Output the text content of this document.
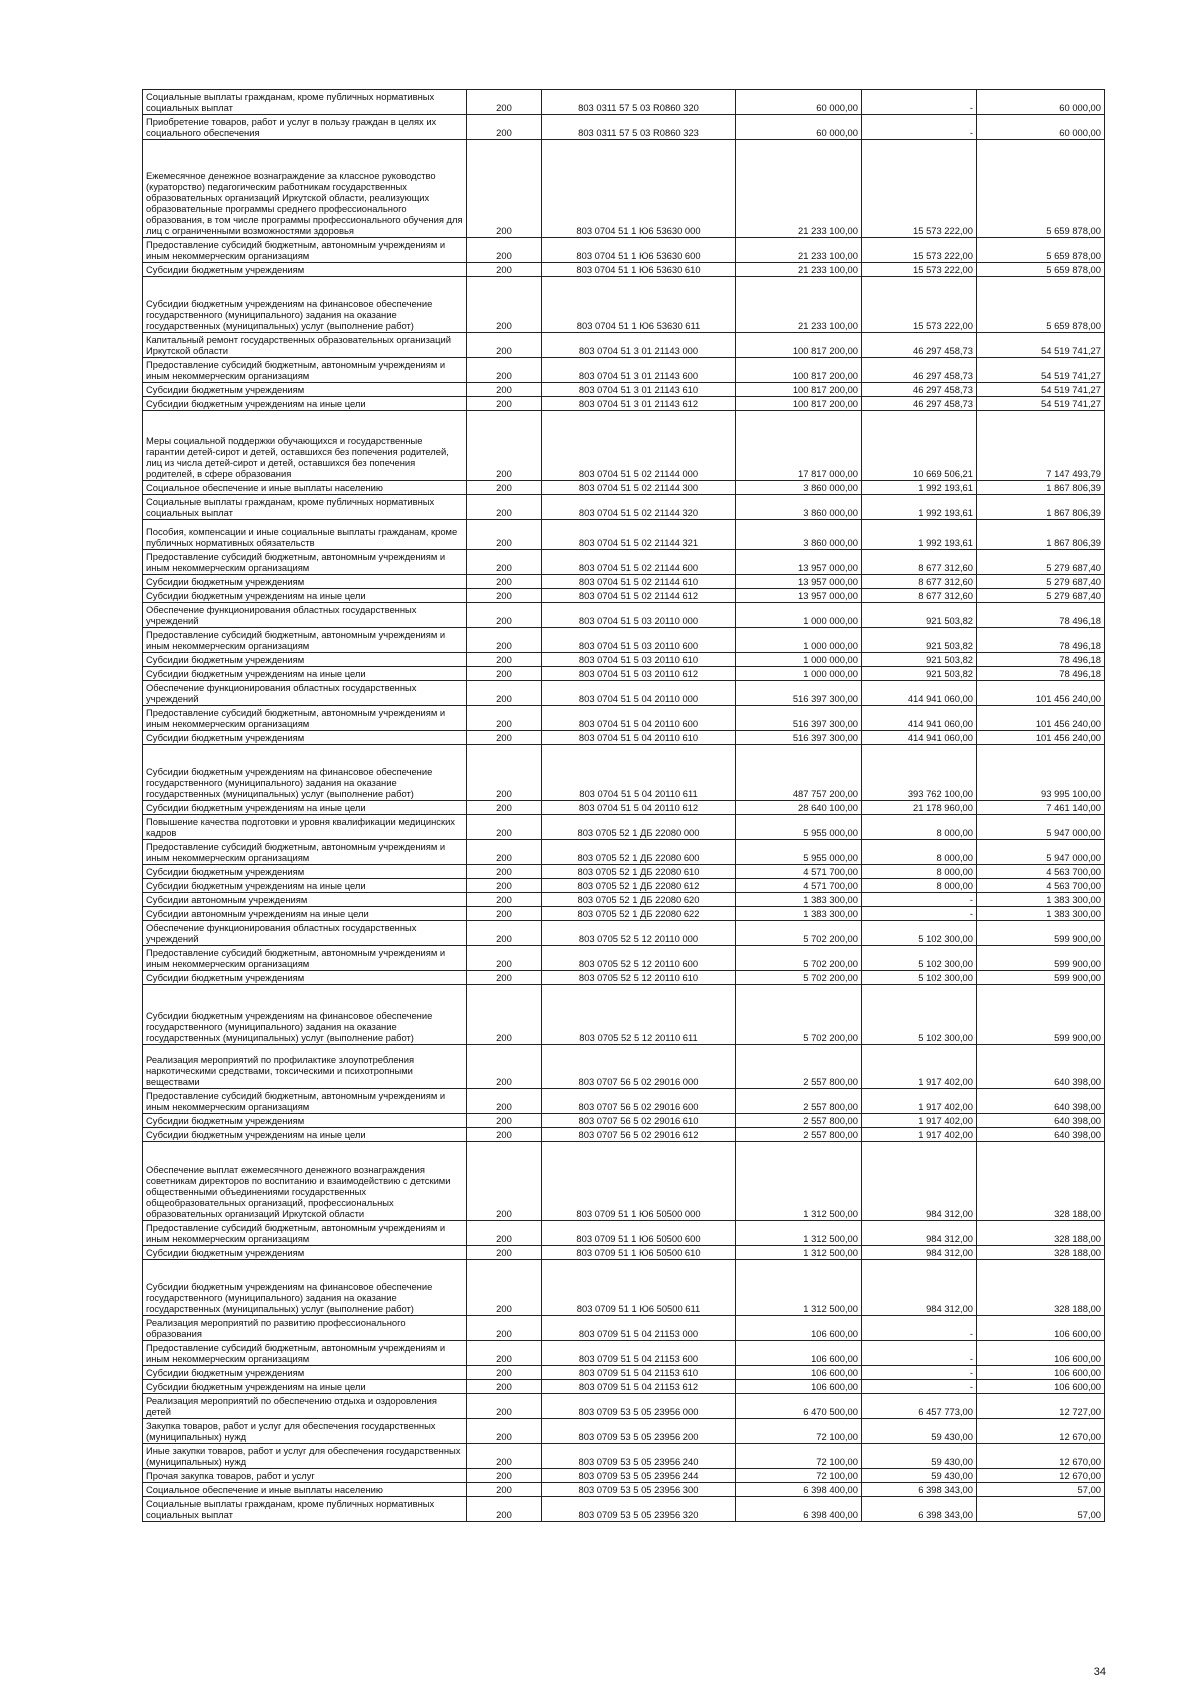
Социальные выплаты гражданам, кроме публичных нормативных социальных выплат	200	803 0311 57 5 03 R0860 320	60 000,00	-	60 000,00
Приобретение товаров, работ и услуг в пользу граждан в целях их социального обеспечения	200	803 0311 57 5 03 R0860 323	60 000,00	-	60 000,00
Ежемесячное денежное вознаграждение за классное руководство (кураторство) педагогическим работникам государственных образовательных организаций Иркутской области, реализующих образовательные программы среднего профессионального образования, в том числе программы профессионального обучения для лиц с ограниченными возможностями здоровья	200	803 0704 51 1 Ю6 53630 000	21 233 100,00	15 573 222,00	5 659 878,00
Предоставление субсидий бюджетным, автономным учреждениям и иным некоммерческим организациям	200	803 0704 51 1 Ю6 53630 600	21 233 100,00	15 573 222,00	5 659 878,00
Субсидии бюджетным учреждениям	200	803 0704 51 1 Ю6 53630 610	21 233 100,00	15 573 222,00	5 659 878,00
Субсидии бюджетным учреждениям на финансовое обеспечение государственного (муниципального) задания на оказание государственных (муниципальных) услуг (выполнение работ)	200	803 0704 51 1 Ю6 53630 611	21 233 100,00	15 573 222,00	5 659 878,00
Капитальный ремонт государственных образовательных организаций Иркутской области	200	803 0704 51 3 01 21143 000	100 817 200,00	46 297 458,73	54 519 741,27
Предоставление субсидий бюджетным, автономным учреждениям и иным некоммерческим организациям	200	803 0704 51 3 01 21143 600	100 817 200,00	46 297 458,73	54 519 741,27
Субсидии бюджетным учреждениям	200	803 0704 51 3 01 21143 610	100 817 200,00	46 297 458,73	54 519 741,27
Субсидии бюджетным учреждениям на иные цели	200	803 0704 51 3 01 21143 612	100 817 200,00	46 297 458,73	54 519 741,27
Меры социальной поддержки обучающихся и государственные гарантии детей-сирот и детей, оставшихся без попечения родителей, лиц из числа детей-сирот и детей, оставшихся без попечения родителей, в сфере образования	200	803 0704 51 5 02 21144 000	17 817 000,00	10 669 506,21	7 147 493,79
Социальное обеспечение и иные выплаты населению	200	803 0704 51 5 02 21144 300	3 860 000,00	1 992 193,61	1 867 806,39
Социальные выплаты гражданам, кроме публичных нормативных социальных выплат	200	803 0704 51 5 02 21144 320	3 860 000,00	1 992 193,61	1 867 806,39
Пособия, компенсации и иные социальные выплаты гражданам, кроме публичных нормативных обязательств	200	803 0704 51 5 02 21144 321	3 860 000,00	1 992 193,61	1 867 806,39
Предоставление субсидий бюджетным, автономным учреждениям и иным некоммерческим организациям	200	803 0704 51 5 02 21144 600	13 957 000,00	8 677 312,60	5 279 687,40
Субсидии бюджетным учреждениям	200	803 0704 51 5 02 21144 610	13 957 000,00	8 677 312,60	5 279 687,40
Субсидии бюджетным учреждениям на иные цели	200	803 0704 51 5 02 21144 612	13 957 000,00	8 677 312,60	5 279 687,40
Обеспечение функционирования областных государственных учреждений	200	803 0704 51 5 03 20110 000	1 000 000,00	921 503,82	78 496,18
Предоставление субсидий бюджетным, автономным учреждениям и иным некоммерческим организациям	200	803 0704 51 5 03 20110 600	1 000 000,00	921 503,82	78 496,18
Субсидии бюджетным учреждениям	200	803 0704 51 5 03 20110 610	1 000 000,00	921 503,82	78 496,18
Субсидии бюджетным учреждениям на иные цели	200	803 0704 51 5 03 20110 612	1 000 000,00	921 503,82	78 496,18
Обеспечение функционирования областных государственных учреждений	200	803 0704 51 5 04 20110 000	516 397 300,00	414 941 060,00	101 456 240,00
Предоставление субсидий бюджетным, автономным учреждениям и иным некоммерческим организациям	200	803 0704 51 5 04 20110 600	516 397 300,00	414 941 060,00	101 456 240,00
Субсидии бюджетным учреждениям	200	803 0704 51 5 04 20110 610	516 397 300,00	414 941 060,00	101 456 240,00
Субсидии бюджетным учреждениям на финансовое обеспечение государственного (муниципального) задания на оказание государственных (муниципальных) услуг (выполнение работ)	200	803 0704 51 5 04 20110 611	487 757 200,00	393 762 100,00	93 995 100,00
Субсидии бюджетным учреждениям на иные цели	200	803 0704 51 5 04 20110 612	28 640 100,00	21 178 960,00	7 461 140,00
Повышение качества подготовки и уровня квалификации медицинских кадров	200	803 0705 52 1 ДБ 22080 000	5 955 000,00	8 000,00	5 947 000,00
Предоставление субсидий бюджетным, автономным учреждениям и иным некоммерческим организациям	200	803 0705 52 1 ДБ 22080 600	5 955 000,00	8 000,00	5 947 000,00
Субсидии бюджетным учреждениям	200	803 0705 52 1 ДБ 22080 610	4 571 700,00	8 000,00	4 563 700,00
Субсидии бюджетным учреждениям на иные цели	200	803 0705 52 1 ДБ 22080 612	4 571 700,00	8 000,00	4 563 700,00
Субсидии автономным учреждениям	200	803 0705 52 1 ДБ 22080 620	1 383 300,00	-	1 383 300,00
Субсидии автономным учреждениям на иные цели	200	803 0705 52 1 ДБ 22080 622	1 383 300,00	-	1 383 300,00
Обеспечение функционирования областных государственных учреждений	200	803 0705 52 5 12 20110 000	5 702 200,00	5 102 300,00	599 900,00
Предоставление субсидий бюджетным, автономным учреждениям и иным некоммерческим организациям	200	803 0705 52 5 12 20110 600	5 702 200,00	5 102 300,00	599 900,00
Субсидии бюджетным учреждениям	200	803 0705 52 5 12 20110 610	5 702 200,00	5 102 300,00	599 900,00
Субсидии бюджетным учреждениям на финансовое обеспечение государственного (муниципального) задания на оказание государственных (муниципальных) услуг (выполнение работ)	200	803 0705 52 5 12 20110 611	5 702 200,00	5 102 300,00	599 900,00
Реализация мероприятий по профилактике злоупотребления наркотическими средствами, токсическими и психотропными веществами	200	803 0707 56 5 02 29016 000	2 557 800,00	1 917 402,00	640 398,00
Предоставление субсидий бюджетным, автономным учреждениям и иным некоммерческим организациям	200	803 0707 56 5 02 29016 600	2 557 800,00	1 917 402,00	640 398,00
Субсидии бюджетным учреждениям	200	803 0707 56 5 02 29016 610	2 557 800,00	1 917 402,00	640 398,00
Субсидии бюджетным учреждениям на иные цели	200	803 0707 56 5 02 29016 612	2 557 800,00	1 917 402,00	640 398,00
Обеспечение выплат ежемесячного денежного вознаграждения советникам директоров по воспитанию и взаимодействию с детскими общественными объединениями государственных общеобразовательных организаций, профессиональных образовательных организаций Иркутской области	200	803 0709 51 1 Ю6 50500 000	1 312 500,00	984 312,00	328 188,00
Предоставление субсидий бюджетным, автономным учреждениям и иным некоммерческим организациям	200	803 0709 51 1 Ю6 50500 600	1 312 500,00	984 312,00	328 188,00
Субсидии бюджетным учреждениям	200	803 0709 51 1 Ю6 50500 610	1 312 500,00	984 312,00	328 188,00
Субсидии бюджетным учреждениям на финансовое обеспечение государственного (муниципального) задания на оказание государственных (муниципальных) услуг (выполнение работ)	200	803 0709 51 1 Ю6 50500 611	1 312 500,00	984 312,00	328 188,00
Реализация мероприятий по развитию профессионального образования	200	803 0709 51 5 04 21153 000	106 600,00	-	106 600,00
Предоставление субсидий бюджетным, автономным учреждениям и иным некоммерческим организациям	200	803 0709 51 5 04 21153 600	106 600,00	-	106 600,00
Субсидии бюджетным учреждениям	200	803 0709 51 5 04 21153 610	106 600,00	-	106 600,00
Субсидии бюджетным учреждениям на иные цели	200	803 0709 51 5 04 21153 612	106 600,00	-	106 600,00
Реализация мероприятий по обеспечению отдыха и оздоровления детей	200	803 0709 53 5 05 23956 000	6 470 500,00	6 457 773,00	12 727,00
Закупка товаров, работ и услуг для обеспечения государственных (муниципальных) нужд	200	803 0709 53 5 05 23956 200	72 100,00	59 430,00	12 670,00
Иные закупки товаров, работ и услуг для обеспечения государственных (муниципальных) нужд	200	803 0709 53 5 05 23956 240	72 100,00	59 430,00	12 670,00
Прочая закупка товаров, работ и услуг	200	803 0709 53 5 05 23956 244	72 100,00	59 430,00	12 670,00
Социальное обеспечение и иные выплаты населению	200	803 0709 53 5 05 23956 300	6 398 400,00	6 398 343,00	57,00
Социальные выплаты гражданам, кроме публичных нормативных социальных выплат	200	803 0709 53 5 05 23956 320	6 398 400,00	6 398 343,00	57,00
34
